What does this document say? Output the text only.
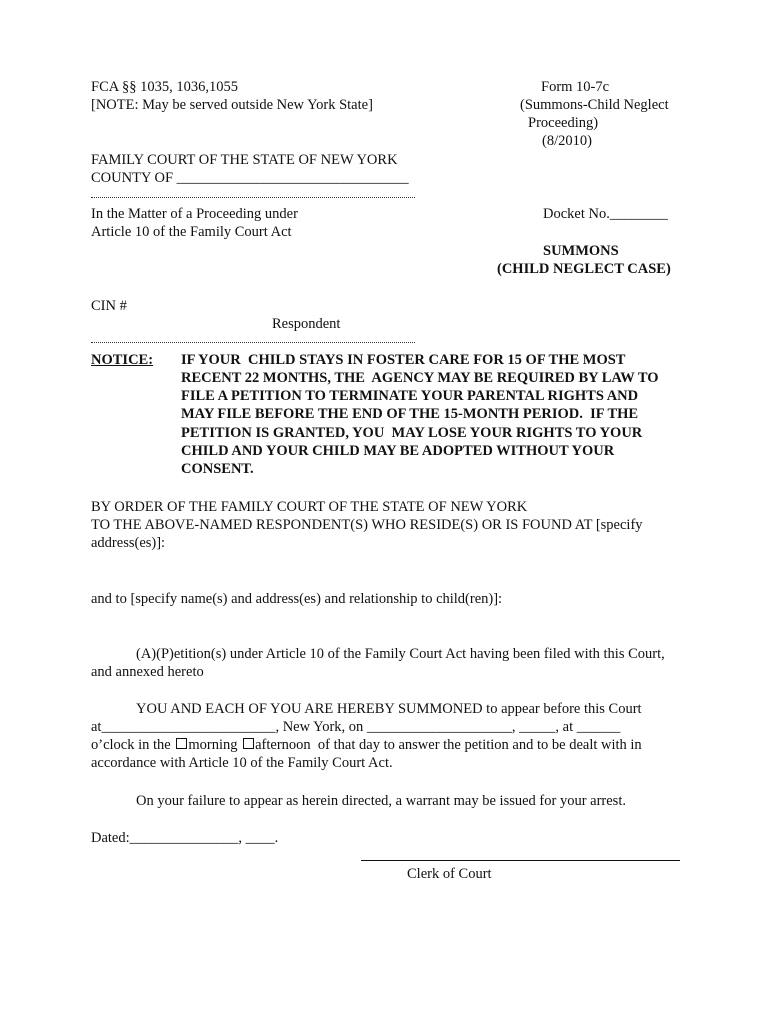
FCA §§ 1035, 1036,1055
[NOTE: May be served outside New York State]
Form 10-7c
(Summons-Child Neglect
Proceeding)
(8/2010)
FAMILY COURT OF THE STATE OF NEW YORK
COUNTY OF ________________________________
In the Matter of a Proceeding under
Article 10 of the Family Court Act
Docket No.________
SUMMONS
(CHILD NEGLECT CASE)
CIN #
Respondent
NOTICE: IF YOUR  CHILD STAYS IN FOSTER CARE FOR 15 OF THE MOST
RECENT 22 MONTHS, THE  AGENCY MAY BE REQUIRED BY LAW TO
FILE A PETITION TO TERMINATE YOUR PARENTAL RIGHTS AND
MAY FILE BEFORE THE END OF THE 15-MONTH PERIOD.  IF THE
PETITION IS GRANTED, YOU  MAY LOSE YOUR RIGHTS TO YOUR
CHILD AND YOUR CHILD MAY BE ADOPTED WITHOUT YOUR
CONSENT.
BY ORDER OF THE FAMILY COURT OF THE STATE OF NEW YORK
TO THE ABOVE-NAMED RESPONDENT(S) WHO RESIDE(S) OR IS FOUND AT [specify
address(es)]:
and to [specify name(s) and address(es) and relationship to child(ren)]:
(A)(P)etition(s) under Article 10 of the Family Court Act having been filed with this Court,
and annexed hereto
YOU AND EACH OF YOU ARE HEREBY SUMMONED to appear before this Court
at________________________, New York, on ____________________, _____, at ______
o’clock in the morning afternoon  of that day to answer the petition and to be dealt with in
accordance with Article 10 of the Family Court Act.
On your failure to appear as herein directed, a warrant may be issued for your arrest.
Dated:_______________, ____.
Clerk of Court
